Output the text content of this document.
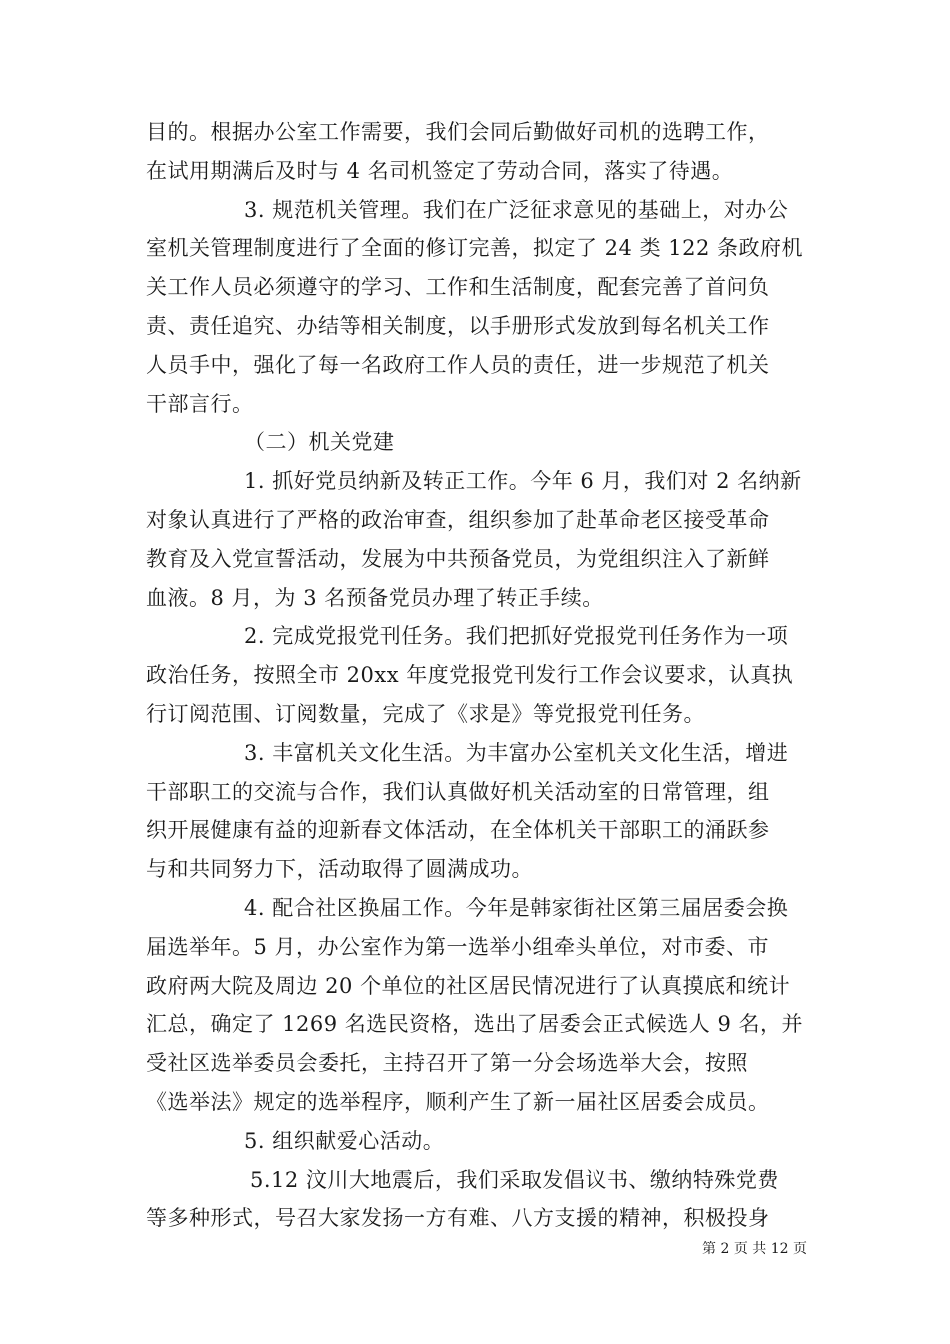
目的。根据办公室工作需要，我们会同后勤做好司机的选聘工作，
在试用期满后及时与 4 名司机签定了劳动合同，落实了待遇。
3. 规范机关管理。我们在广泛征求意见的基础上，对办公
室机关管理制度进行了全面的修订完善，拟定了 24 类 122 条政府机
关工作人员必须遵守的学习、工作和生活制度，配套完善了首问负
责、责任追究、办结等相关制度，以手册形式发放到每名机关工作
人员手中，强化了每一名政府工作人员的责任，进一步规范了机关
干部言行。
（二）机关党建
1. 抓好党员纳新及转正工作。今年 6 月，我们对 2 名纳新
对象认真进行了严格的政治审查，组织参加了赴革命老区接受革命
教育及入党宣誓活动，发展为中共预备党员，为党组织注入了新鲜
血液。8 月，为 3 名预备党员办理了转正手续。
2. 完成党报党刊任务。我们把抓好党报党刊任务作为一项
政治任务，按照全市 20xx 年度党报党刊发行工作会议要求，认真执
行订阅范围、订阅数量，完成了《求是》等党报党刊任务。
3. 丰富机关文化生活。为丰富办公室机关文化生活，增进
干部职工的交流与合作，我们认真做好机关活动室的日常管理，组
织开展健康有益的迎新春文体活动，在全体机关干部职工的涌跃参
与和共同努力下，活动取得了圆满成功。
4. 配合社区换届工作。今年是韩家街社区第三届居委会换
届选举年。5 月，办公室作为第一选举小组牵头单位，对市委、市
政府两大院及周边 20 个单位的社区居民情况进行了认真摸底和统计
汇总，确定了 1269 名选民资格，选出了居委会正式候选人 9 名，并
受社区选举委员会委托，主持召开了第一分会场选举大会，按照
《选举法》规定的选举程序，顺利产生了新一届社区居委会成员。
5. 组织献爱心活动。
5.12 汶川大地震后，我们采取发倡议书、缴纳特殊党费
等多种形式，号召大家发扬一方有难、八方支援的精神，积极投身
第 2 页 共 12 页
